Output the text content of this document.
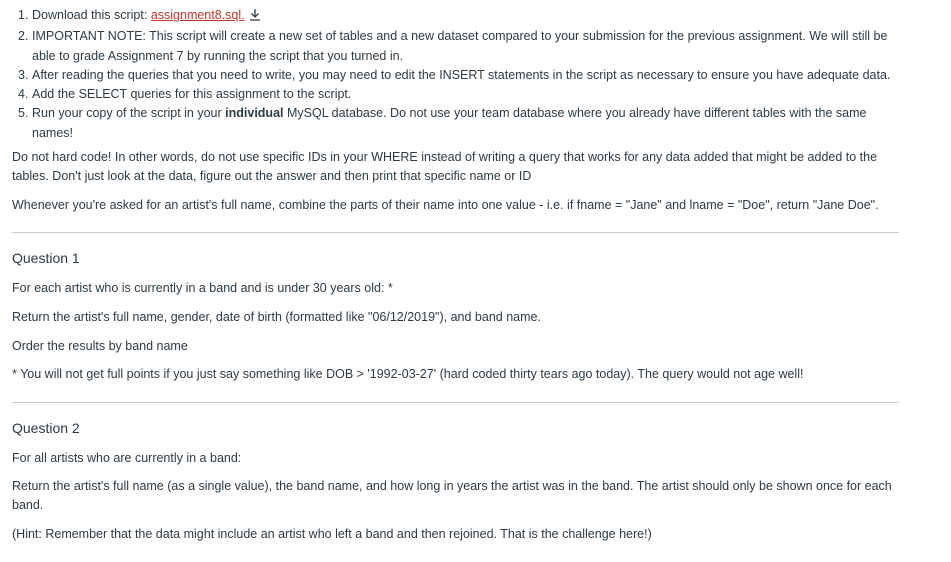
1. Download this script: assignment8.sql.
2. IMPORTANT NOTE: This script will create a new set of tables and a new dataset compared to your submission for the previous assignment. We will still be able to grade Assignment 7 by running the script that you turned in.
3. After reading the queries that you need to write, you may need to edit the INSERT statements in the script as necessary to ensure you have adequate data.
4. Add the SELECT queries for this assignment to the script.
5. Run your copy of the script in your individual MySQL database. Do not use your team database where you already have different tables with the same names!

Do not hard code! In other words, do not use specific IDs in your WHERE instead of writing a query that works for any data added that might be added to the tables. Don't just look at the data, figure out the answer and then print that specific name or ID

Whenever you're asked for an artist's full name, combine the parts of their name into one value - i.e. if fname = "Jane" and lname = "Doe", return "Jane Doe".

Question 1

For each artist who is currently in a band and is under 30 years old: *

Return the artist's full name, gender, date of birth (formatted like "06/12/2019"), and band name.

Order the results by band name

* You will not get full points if you just say something like DOB > '1992-03-27' (hard coded thirty tears ago today). The query would not age well!

Question 2

For all artists who are currently in a band:

Return the artist's full name (as a single value), the band name, and how long in years the artist was in the band. The artist should only be shown once for each band.

(Hint: Remember that the data might include an artist who left a band and then rejoined. That is the challenge here!)
